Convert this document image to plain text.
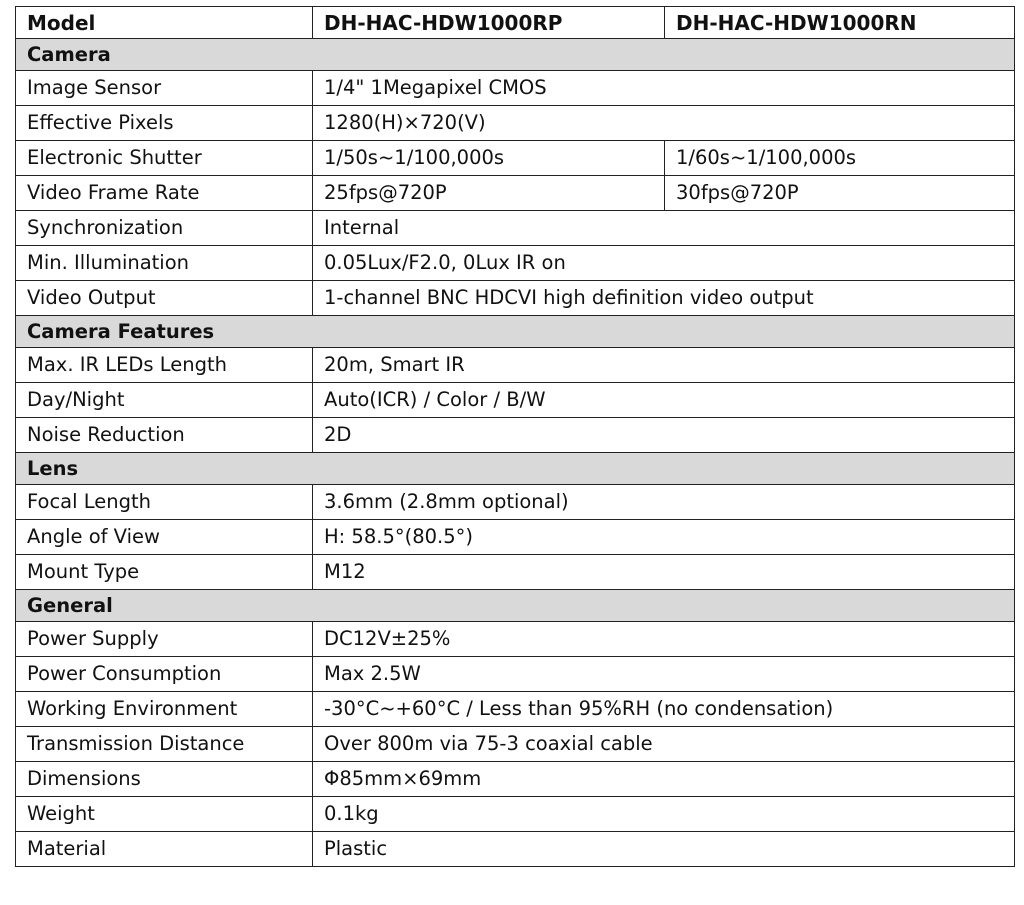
Model	DH-HAC-HDW1000RP	DH-HAC-HDW1000RN
Camera		
Image Sensor	1/4" 1Megapixel CMOS	
Effective Pixels	1280(H)×720(V)	
Electronic Shutter	1/50s~1/100,000s	1/60s~1/100,000s
Video Frame Rate	25fps@720P	30fps@720P
Synchronization	Internal	
Min. Illumination	0.05Lux/F2.0, 0Lux IR on	
Video Output	1-channel BNC HDCVI high definition video output	
Camera Features		
Max. IR LEDs Length	20m, Smart IR	
Day/Night	Auto(ICR) / Color / B/W	
Noise Reduction	2D	
Lens		
Focal Length	3.6mm (2.8mm optional)	
Angle of View	H: 58.5°(80.5°)	
Mount Type	M12	
General		
Power Supply	DC12V±25%	
Power Consumption	Max 2.5W	
Working Environment	-30°C~+60°C / Less than 95%RH (no condensation)	
Transmission Distance	Over 800m via 75-3 coaxial cable	
Dimensions	Φ85mm×69mm	
Weight	0.1kg	
Material	Plastic	
